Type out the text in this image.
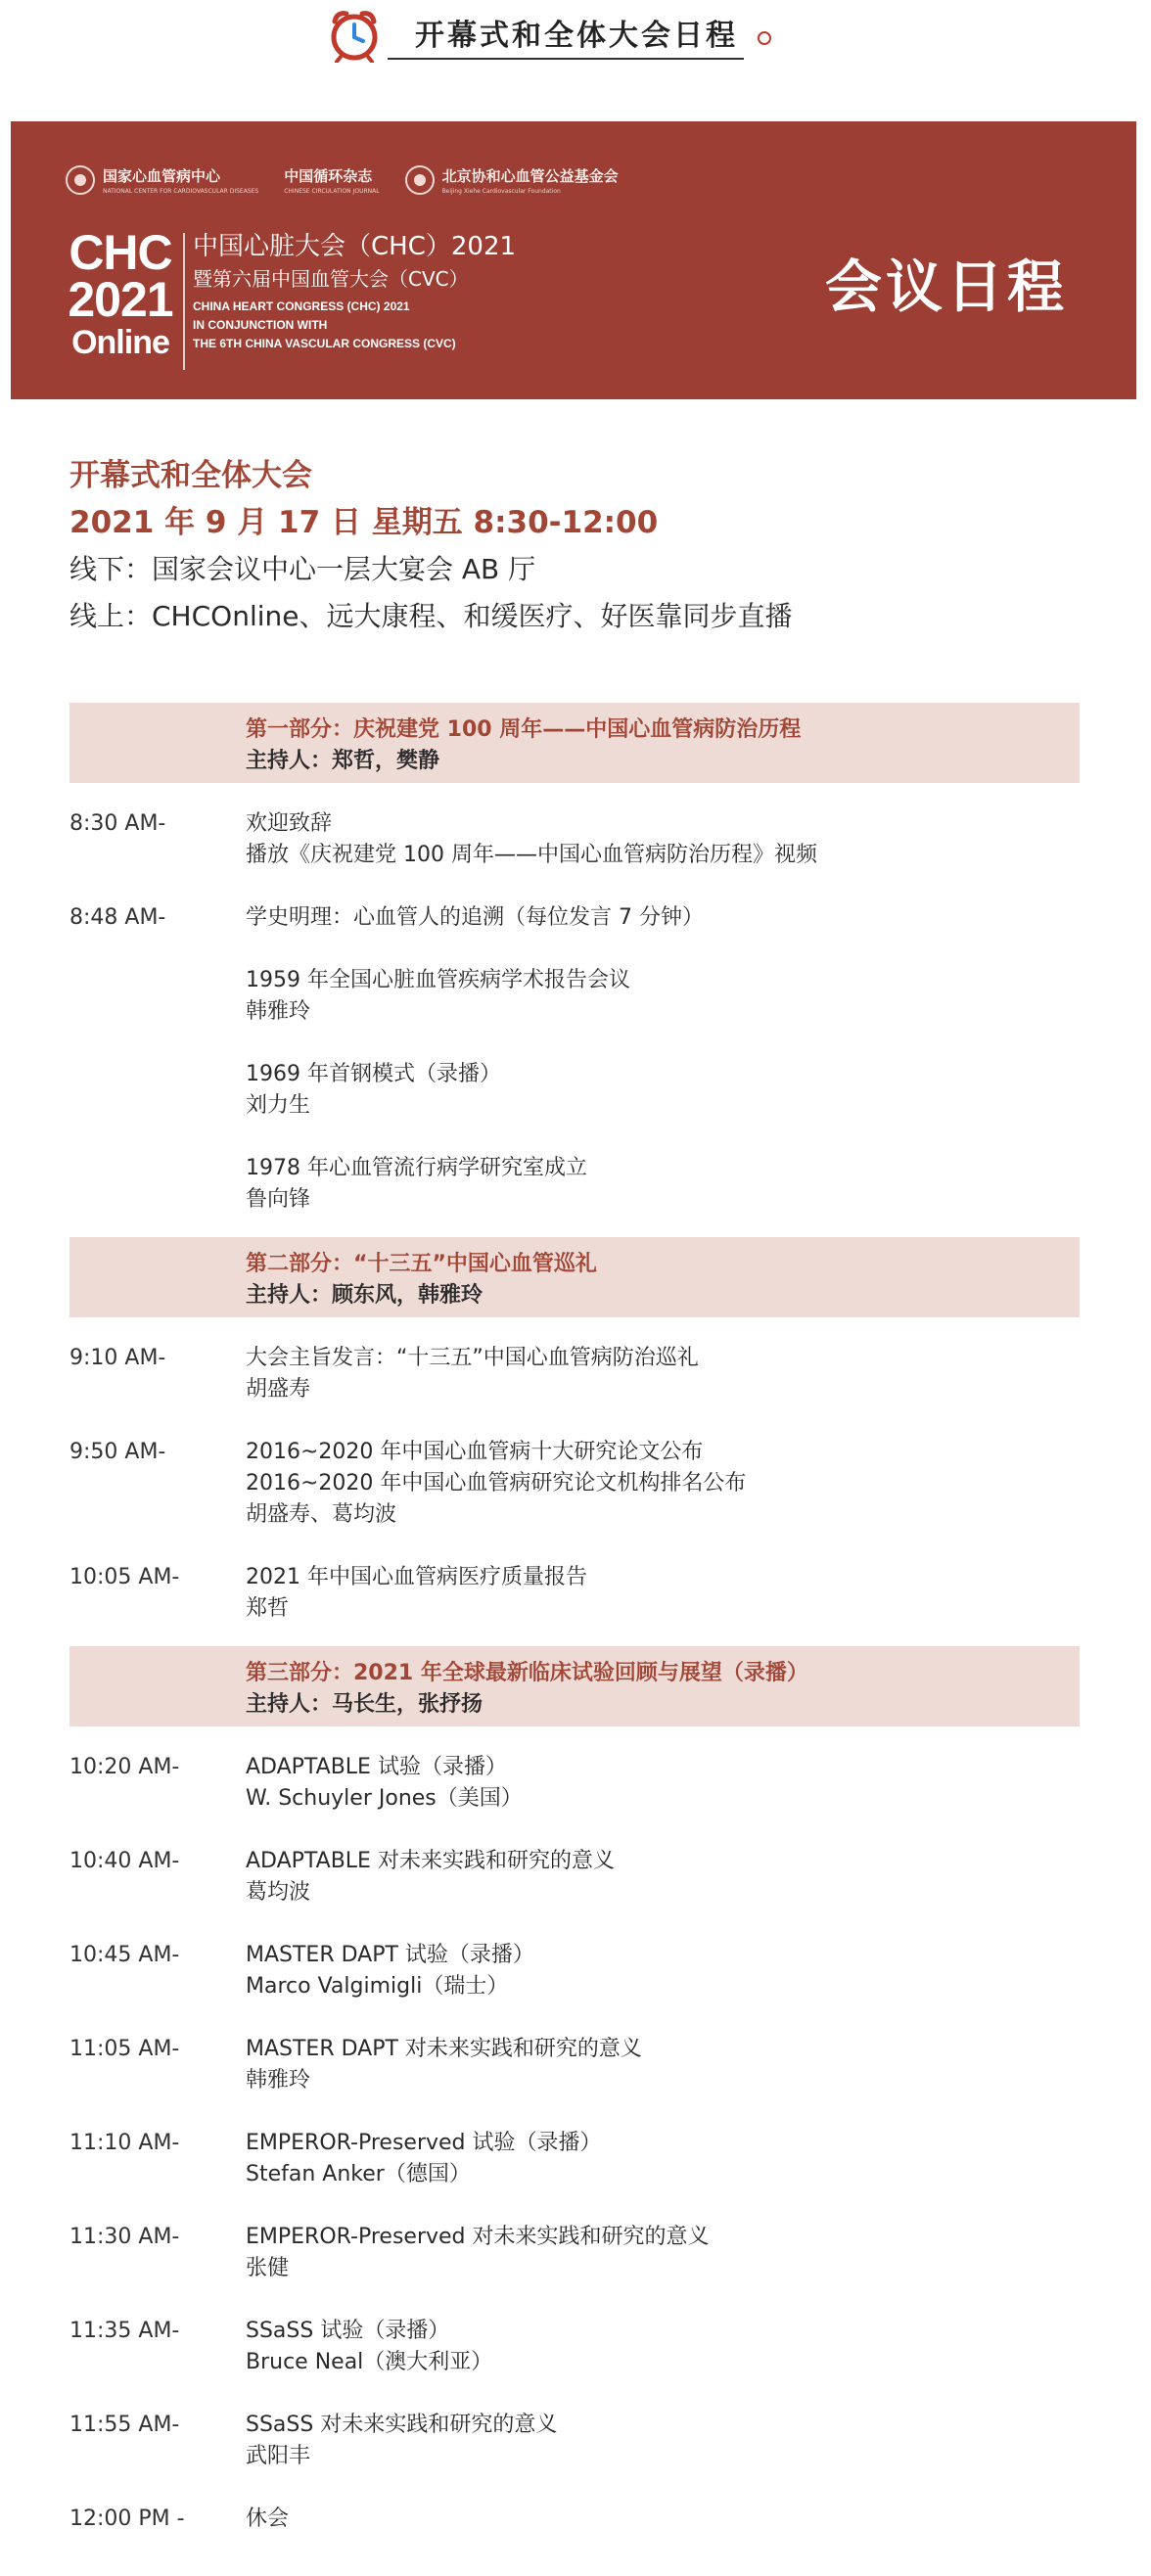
开幕式和全体大会日程
国家心血管病中心
NATIONAL CENTER FOR CARDIOVASCULAR DISEASES
中国循环杂志
CHINESE CIRCULATION JOURNAL
北京协和心血管公益基金会
Beijing Xiehe Cardiovascular Foundation
CHC
2021
Online
中国心脏大会（CHC）2021
暨第六届中国血管大会（CVC）
CHINA HEART CONGRESS (CHC) 2021
IN CONJUNCTION WITH
THE 6TH CHINA VASCULAR CONGRESS (CVC)
会议日程
开幕式和全体大会
2021 年 9 月 17 日 星期五 8:30-12:00
线下：国家会议中心一层大宴会 AB 厅
线上：CHCOnline、远大康程、和缓医疗、好医靠同步直播
第一部分：庆祝建党 100 周年——中国心血管病防治历程
主持人：郑哲，樊静
第二部分：“十三五”中国心血管巡礼
主持人：顾东风，韩雅玲
第三部分：2021 年全球最新临床试验回顾与展望（录播）
主持人：马长生，张抒扬
8:30 AM-	欢迎致辞
播放《庆祝建党 100 周年——中国心血管病防治历程》视频
8:48 AM-	学史明理：心血管人的追溯（每位发言 7 分钟）
1959 年全国心脏血管疾病学术报告会议
韩雅玲
1969 年首钢模式（录播）
刘力生
1978 年心血管流行病学研究室成立
鲁向锋
9:10 AM-	大会主旨发言：“十三五”中国心血管病防治巡礼
胡盛寿
9:50 AM-	2016~2020 年中国心血管病十大研究论文公布
2016~2020 年中国心血管病研究论文机构排名公布
胡盛寿、葛均波
10:05 AM-	2021 年中国心血管病医疗质量报告
郑哲
10:20 AM-	ADAPTABLE 试验（录播）
W. Schuyler Jones（美国）
10:40 AM-	ADAPTABLE 对未来实践和研究的意义
葛均波
10:45 AM-	MASTER DAPT 试验（录播）
Marco Valgimigli（瑞士）
11:05 AM-	MASTER DAPT 对未来实践和研究的意义
韩雅玲
11:10 AM-	EMPEROR-Preserved 试验（录播）
Stefan Anker（德国）
11:30 AM-	EMPEROR-Preserved 对未来实践和研究的意义
张健
11:35 AM-	SSaSS 试验（录播）
Bruce Neal（澳大利亚）
11:55 AM-	SSaSS 对未来实践和研究的意义
武阳丰
12:00 PM -	休会
